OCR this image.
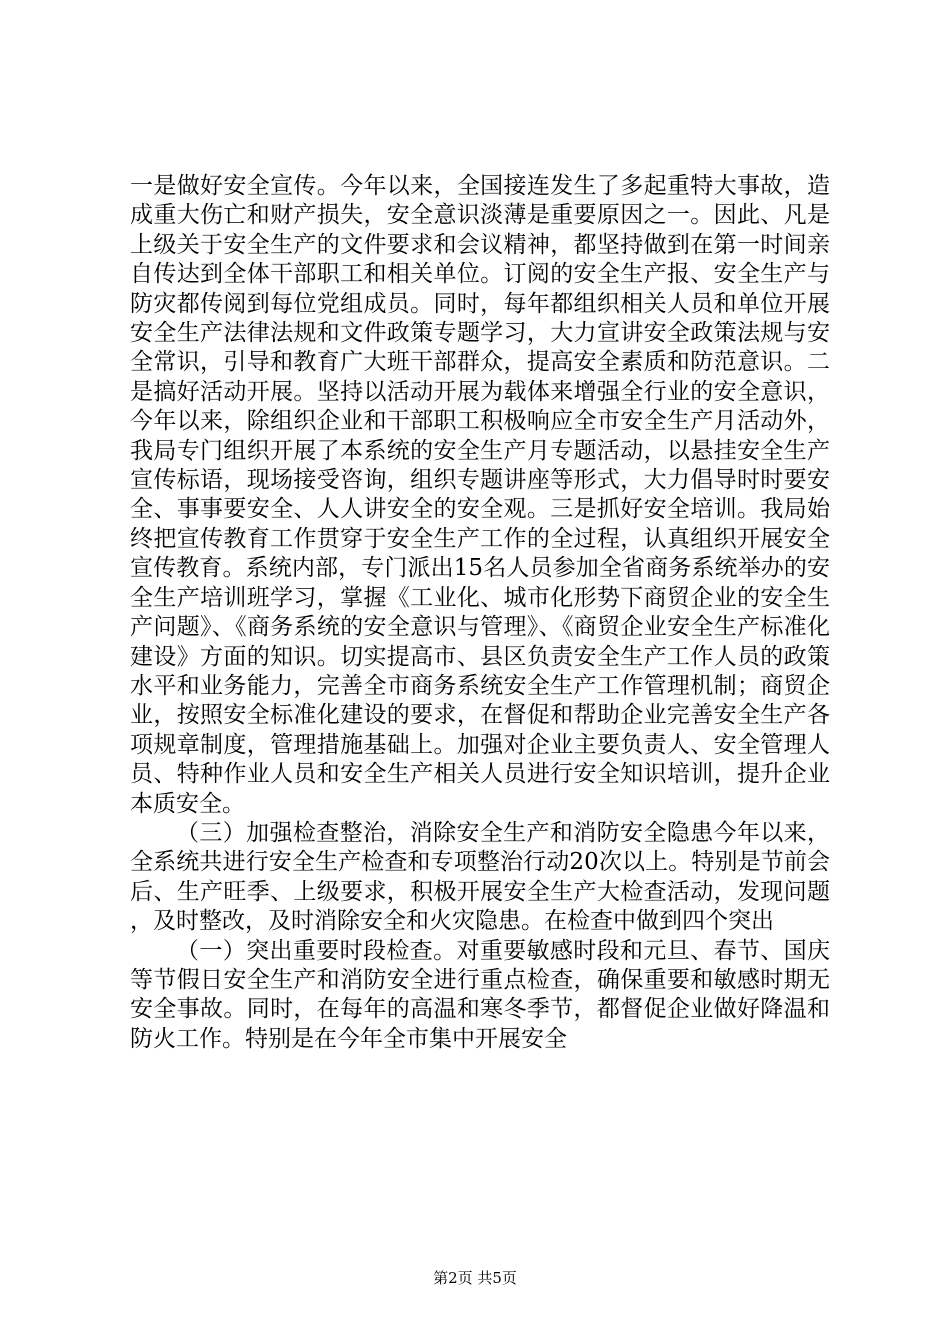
一是做好安全宣传。今年以来，全国接连发生了多起重特大事故，造成重大伤亡和财产损失，安全意识淡薄是重要原因之一。因此、凡是上级关于安全生产的文件要求和会议精神，都坚持做到在第一时间亲自传达到全体干部职工和相关单位。订阅的安全生产报、安全生产与防灾都传阅到每位党组成员。同时，每年都组织相关人员和单位开展安全生产法律法规和文件政策专题学习，大力宣讲安全政策法规与安全常识，引导和教育广大班干部群众，提高安全素质和防范意识。二是搞好活动开展。坚持以活动开展为载体来增强全行业的安全意识，今年以来，除组织企业和干部职工积极响应全市安全生产月活动外，我局专门组织开展了本系统的安全生产月专题活动，以悬挂安全生产宣传标语，现场接受咨询，组织专题讲座等形式，大力倡导时时要安全、事事要安全、人人讲安全的安全观。三是抓好安全培训。我局始终把宣传教育工作贯穿于安全生产工作的全过程，认真组织开展安全宣传教育。系统内部，专门派出15名人员参加全省商务系统举办的安全生产培训班学习，掌握《工业化、城市化形势下商贸企业的安全生产问题》、《商务系统的安全意识与管理》、《商贸企业安全生产标准化建设》方面的知识。切实提高市、县区负责安全生产工作人员的政策水平和业务能力，完善全市商务系统安全生产工作管理机制；商贸企业，按照安全标准化建设的要求，在督促和帮助企业完善安全生产各项规章制度，管理措施基础上。加强对企业主要负责人、安全管理人员、特种作业人员和安全生产相关人员进行安全知识培训，提升企业本质安全。

（三）加强检查整治，消除安全生产和消防安全隐患今年以来，全系统共进行安全生产检查和专项整治行动20次以上。特别是节前会后、生产旺季、上级要求，积极开展安全生产大检查活动，发现问题，及时整改，及时消除安全和火灾隐患。在检查中做到四个突出

（一）突出重要时段检查。对重要敏感时段和元旦、春节、国庆等节假日安全生产和消防安全进行重点检查，确保重要和敏感时期无安全事故。同时，在每年的高温和寒冬季节，都督促企业做好降温和防火工作。特别是在今年全市集中开展安全

第2页 共5页
